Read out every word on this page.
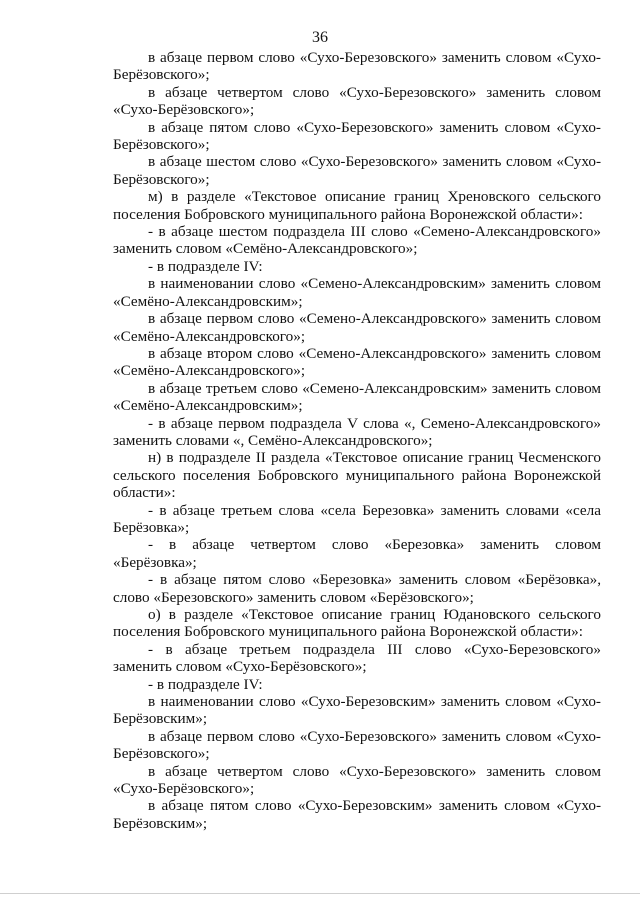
36

в абзаце первом слово «Сухо-Березовского» заменить словом «Сухо-Берёзовского»;

в абзаце четвертом слово «Сухо-Березовского» заменить словом «Сухо-Берёзовского»;

в абзаце пятом слово «Сухо-Березовского» заменить словом «Сухо-Берёзовского»;

в абзаце шестом слово «Сухо-Березовского» заменить словом «Сухо-Берёзовского»;

м) в разделе «Текстовое описание границ Хреновского сельского поселения Бобровского муниципального района Воронежской области»:

- в абзаце шестом подраздела III слово «Семено-Александровского» заменить словом «Семёно-Александровского»;

- в подразделе IV:

в наименовании слово «Семено-Александровским» заменить словом «Семёно-Александровским»;

в абзаце первом слово «Семено-Александровского» заменить словом «Семёно-Александровского»;

в абзаце втором слово «Семено-Александровского» заменить словом «Семёно-Александровского»;

в абзаце третьем слово «Семено-Александровским» заменить словом «Семёно-Александровским»;

- в абзаце первом подраздела V слова «, Семено-Александровского» заменить словами «, Семёно-Александровского»;

н) в подразделе II раздела «Текстовое описание границ Чесменского сельского поселения Бобровского муниципального района Воронежской области»:

- в абзаце третьем слова «села Березовка» заменить словами «села Берёзовка»;

- в абзаце четвертом слово «Березовка» заменить словом «Берёзовка»;

- в абзаце пятом слово «Березовка» заменить словом «Берёзовка», слово «Березовского» заменить словом «Берёзовского»;

о) в разделе «Текстовое описание границ Юдановского сельского поселения Бобровского муниципального района Воронежской области»:

- в абзаце третьем подраздела III слово «Сухо-Березовского» заменить словом «Сухо-Берёзовского»;

- в подразделе IV:

в наименовании слово «Сухо-Березовским» заменить словом «Сухо-Берёзовским»;

в абзаце первом слово «Сухо-Березовского» заменить словом «Сухо-Берёзовского»;

в абзаце четвертом слово «Сухо-Березовского» заменить словом «Сухо-Берёзовского»;

в абзаце пятом слово «Сухо-Березовским» заменить словом «Сухо-Берёзовским»;
